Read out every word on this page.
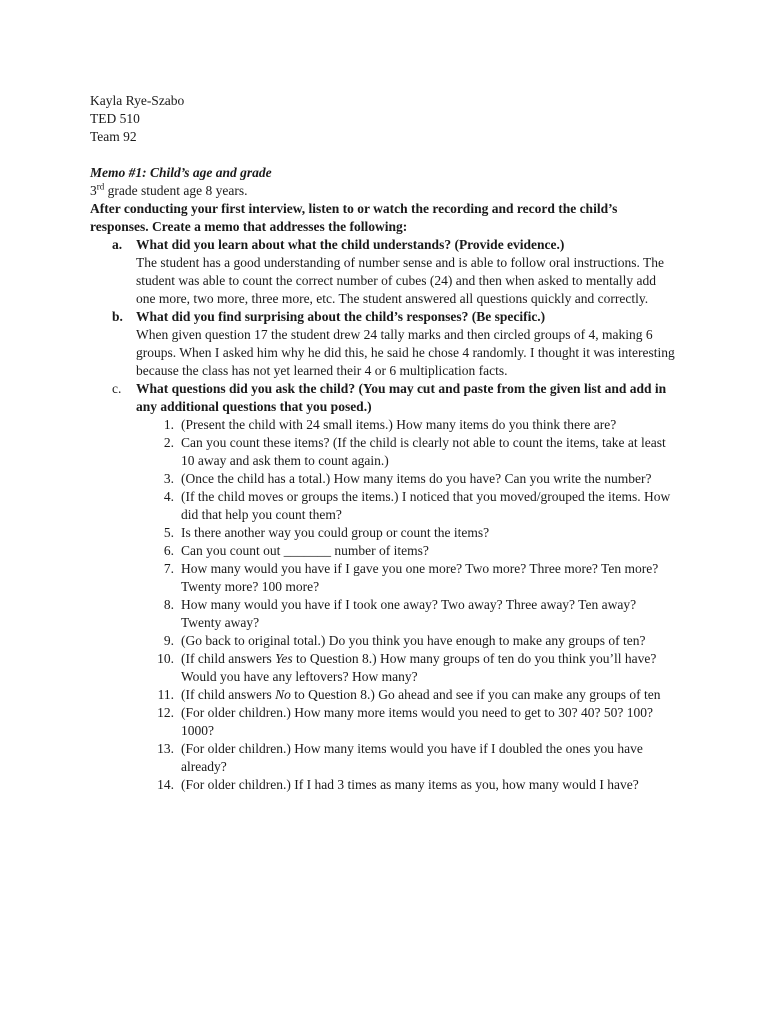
Kayla Rye-Szabo
TED 510
Team 92
Memo #1: Child’s age and grade
3rd grade student age 8 years.
After conducting your first interview, listen to or watch the recording and record the child’s responses. Create a memo that addresses the following:
a. What did you learn about what the child understands? (Provide evidence.)
The student has a good understanding of number sense and is able to follow oral instructions. The student was able to count the correct number of cubes (24) and then when asked to mentally add one more, two more, three more, etc. The student answered all questions quickly and correctly.
b. What did you find surprising about the child’s responses? (Be specific.)
When given question 17 the student drew 24 tally marks and then circled groups of 4, making 6 groups. When I asked him why he did this, he said he chose 4 randomly. I thought it was interesting because the class has not yet learned their 4 or 6 multiplication facts.
c. What questions did you ask the child? (You may cut and paste from the given list and add in any additional questions that you posed.)
1. (Present the child with 24 small items.) How many items do you think there are?
2. Can you count these items? (If the child is clearly not able to count the items, take at least 10 away and ask them to count again.)
3. (Once the child has a total.) How many items do you have? Can you write the number?
4. (If the child moves or groups the items.) I noticed that you moved/grouped the items. How did that help you count them?
5. Is there another way you could group or count the items?
6. Can you count out _______ number of items?
7. How many would you have if I gave you one more? Two more? Three more? Ten more? Twenty more? 100 more?
8. How many would you have if I took one away? Two away? Three away? Ten away? Twenty away?
9. (Go back to original total.) Do you think you have enough to make any groups of ten?
10. (If child answers Yes to Question 8.) How many groups of ten do you think you’ll have? Would you have any leftovers? How many?
11. (If child answers No to Question 8.) Go ahead and see if you can make any groups of ten
12. (For older children.) How many more items would you need to get to 30? 40? 50? 100? 1000?
13. (For older children.) How many items would you have if I doubled the ones you have already?
14. (For older children.) If I had 3 times as many items as you, how many would I have?
